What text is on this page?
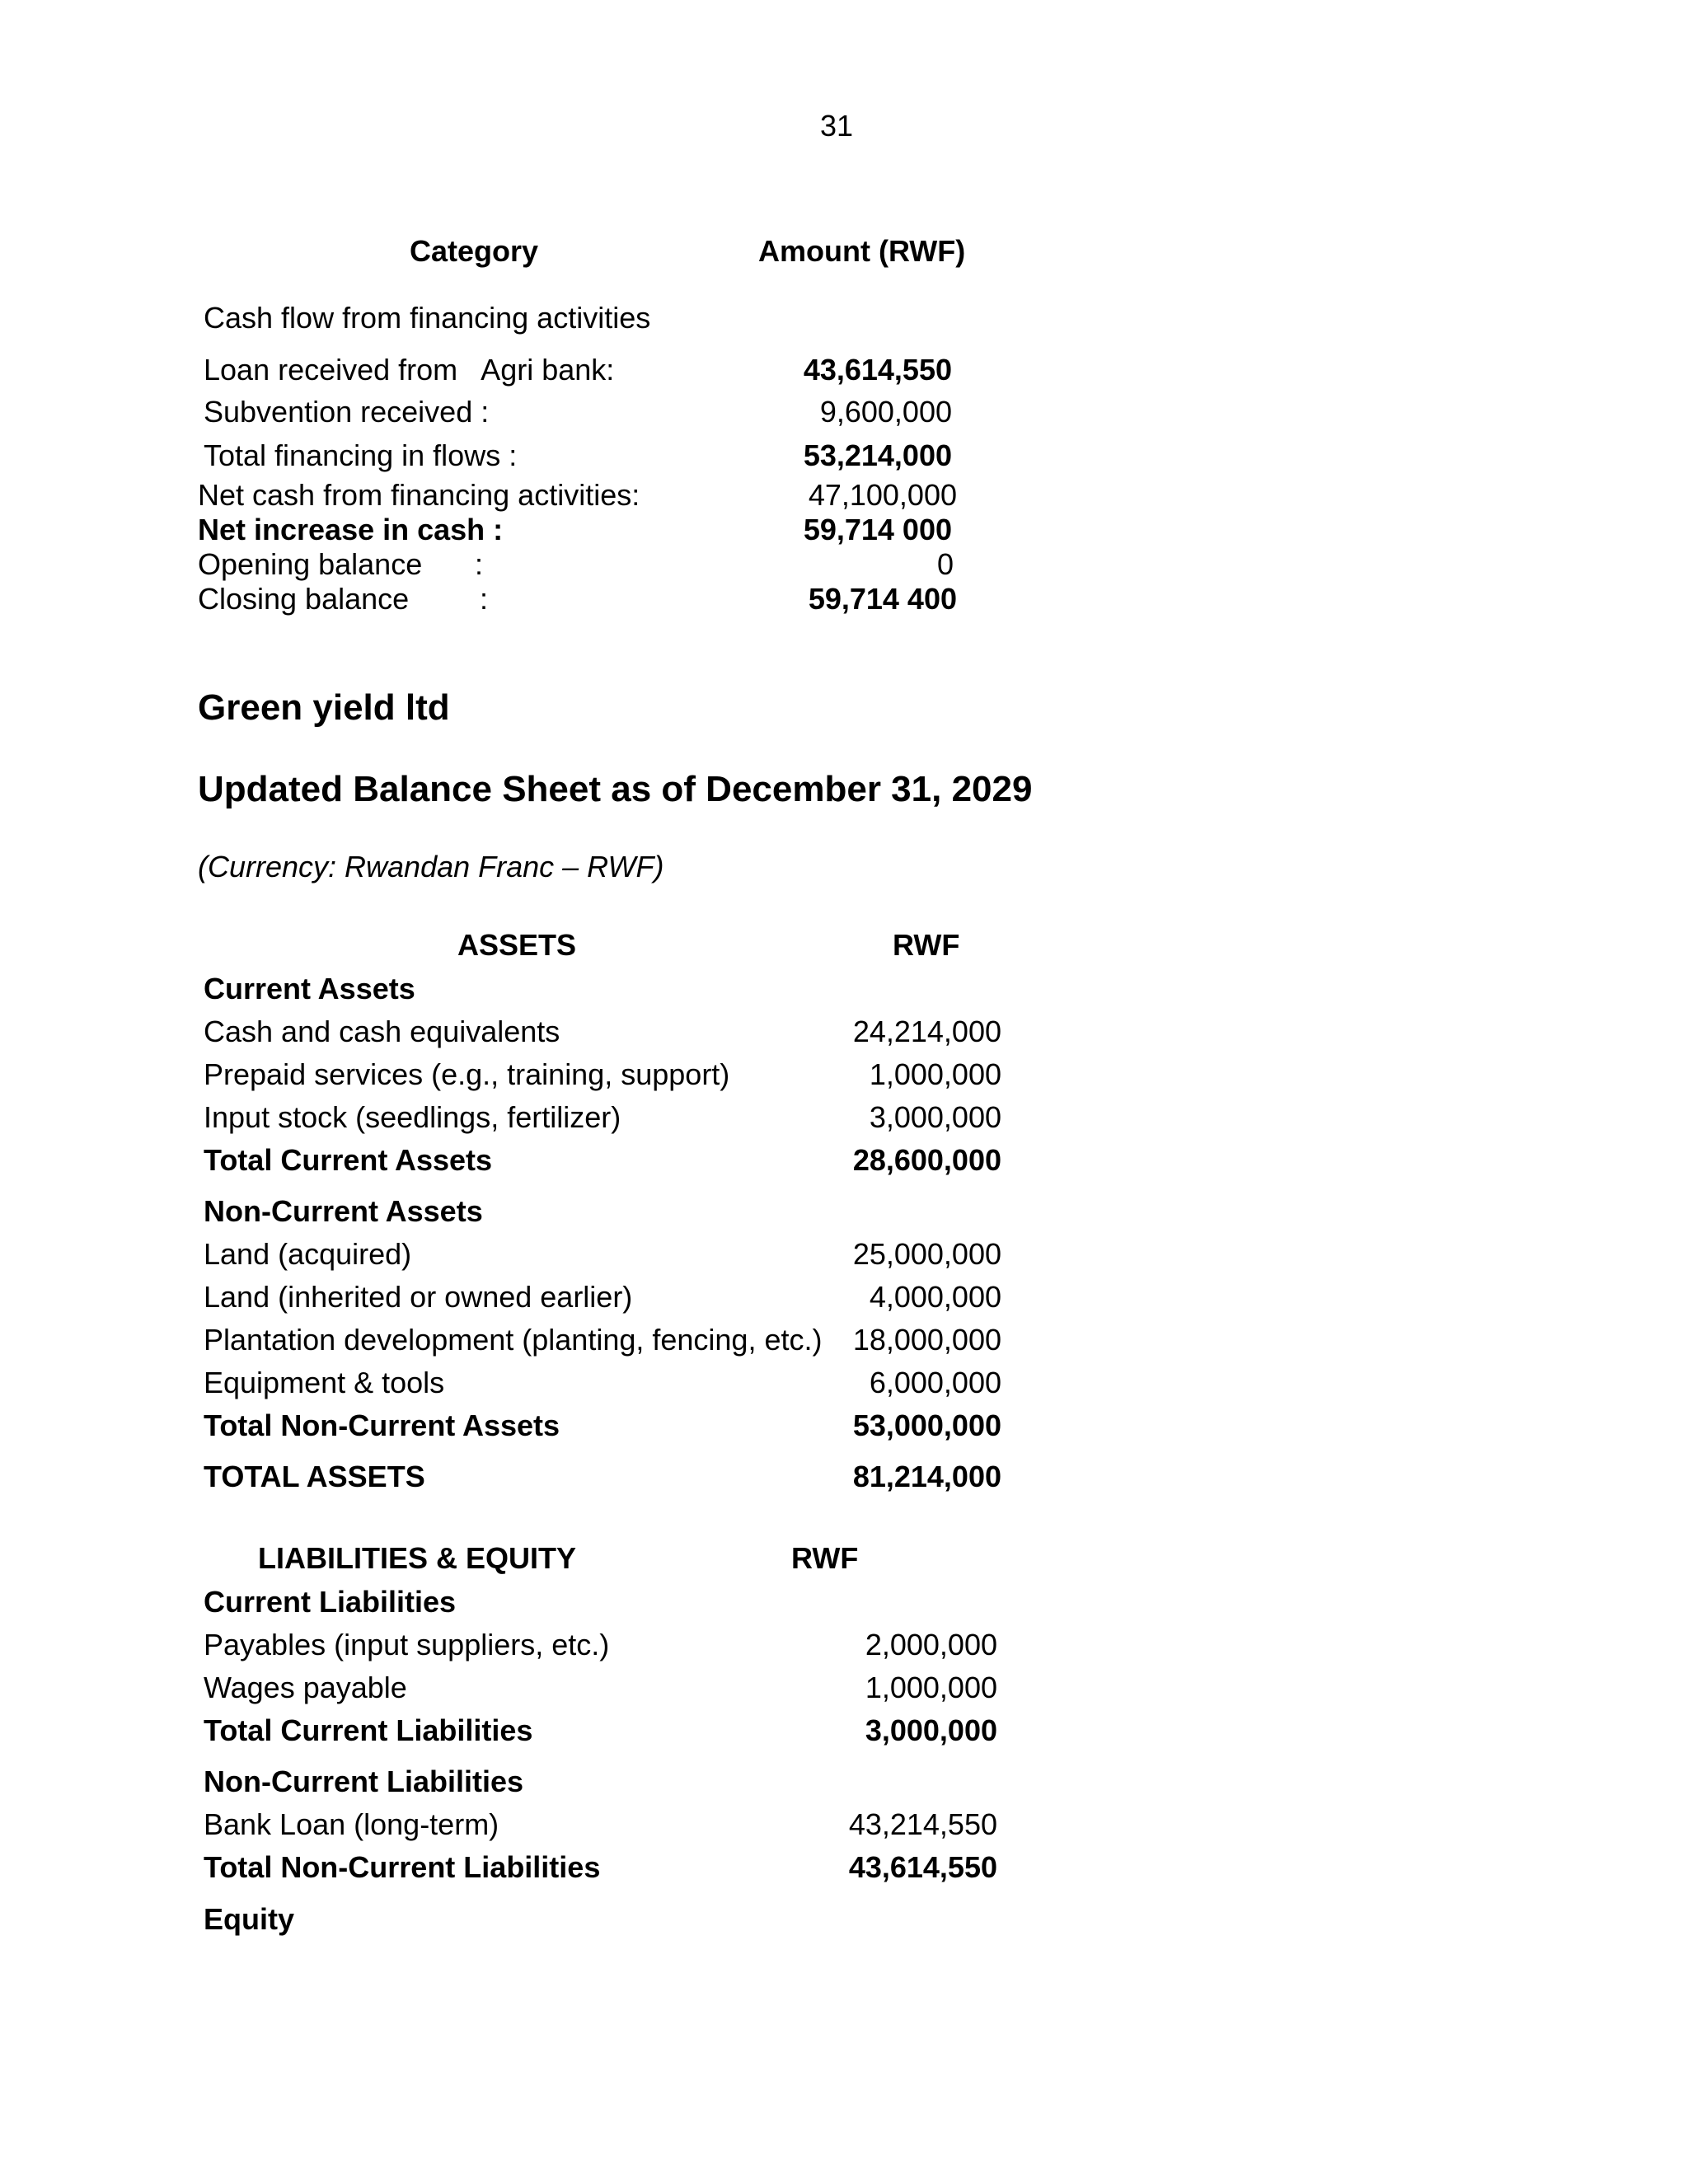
31
Category	Amount (RWF)
Cash flow from financing activities
Loan received from   Agri bank:	43,614,550
Subvention received :	9,600,000
Total financing in flows :	53,214,000
Net cash from financing activities:	47,100,000
Net increase in cash :	59,714 000
Opening balance :	0
Closing balance :	59,714 400
Green yield ltd
Updated Balance Sheet as of December 31, 2029
(Currency: Rwandan Franc – RWF)
ASSETS	RWF
Current Assets
Cash and cash equivalents	24,214,000
Prepaid services (e.g., training, support)	1,000,000
Input stock (seedlings, fertilizer)	3,000,000
Total Current Assets	28,600,000
Non-Current Assets
Land (acquired)	25,000,000
Land (inherited or owned earlier)	4,000,000
Plantation development (planting, fencing, etc.)	18,000,000
Equipment & tools	6,000,000
Total Non-Current Assets	53,000,000
TOTAL ASSETS	81,214,000
LIABILITIES & EQUITY	RWF
Current Liabilities
Payables (input suppliers, etc.)	2,000,000
Wages payable	1,000,000
Total Current Liabilities	3,000,000
Non-Current Liabilities
Bank Loan (long-term)	43,214,550
Total Non-Current Liabilities	43,614,550
Equity
